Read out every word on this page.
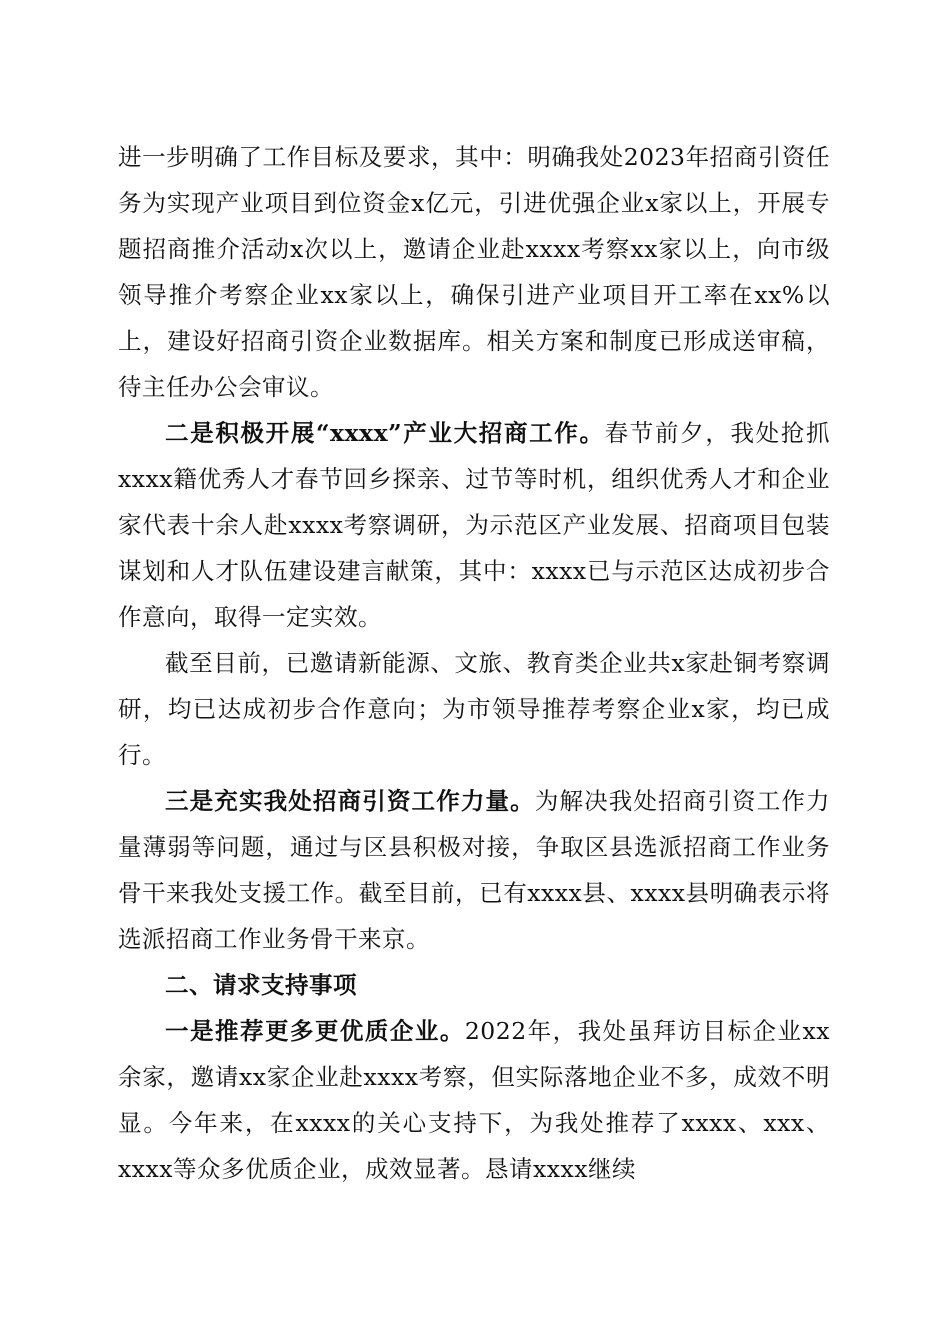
进一步明确了工作目标及要求，其中：明确我处2023年招商引资任务为实现产业项目到位资金x亿元，引进优强企业x家以上，开展专题招商推介活动x次以上，邀请企业赴xxxx考察xx家以上，向市级领导推介考察企业xx家以上，确保引进产业项目开工率在xx%以上，建设好招商引资企业数据库。相关方案和制度已形成送审稿，待主任办公会审议。

二是积极开展“xxxx”产业大招商工作。春节前夕，我处抢抓xxxx籍优秀人才春节回乡探亲、过节等时机，组织优秀人才和企业家代表十余人赴xxxx考察调研，为示范区产业发展、招商项目包装谋划和人才队伍建设建言献策，其中：xxxx已与示范区达成初步合作意向，取得一定实效。

截至目前，已邀请新能源、文旅、教育类企业共x家赴铜考察调研，均已达成初步合作意向；为市领导推荐考察企业x家，均已成行。

三是充实我处招商引资工作力量。为解决我处招商引资工作力量薄弱等问题，通过与区县积极对接，争取区县选派招商工作业务骨干来我处支援工作。截至目前，已有xxxx县、xxxx县明确表示将选派招商工作业务骨干来京。

二、请求支持事项

一是推荐更多更优质企业。2022年，我处虽拜访目标企业xx余家，邀请xx家企业赴xxxx考察，但实际落地企业不多，成效不明显。今年来，在xxxx的关心支持下，为我处推荐了xxxx、xxx、xxxx等众多优质企业，成效显著。恳请xxxx继续
